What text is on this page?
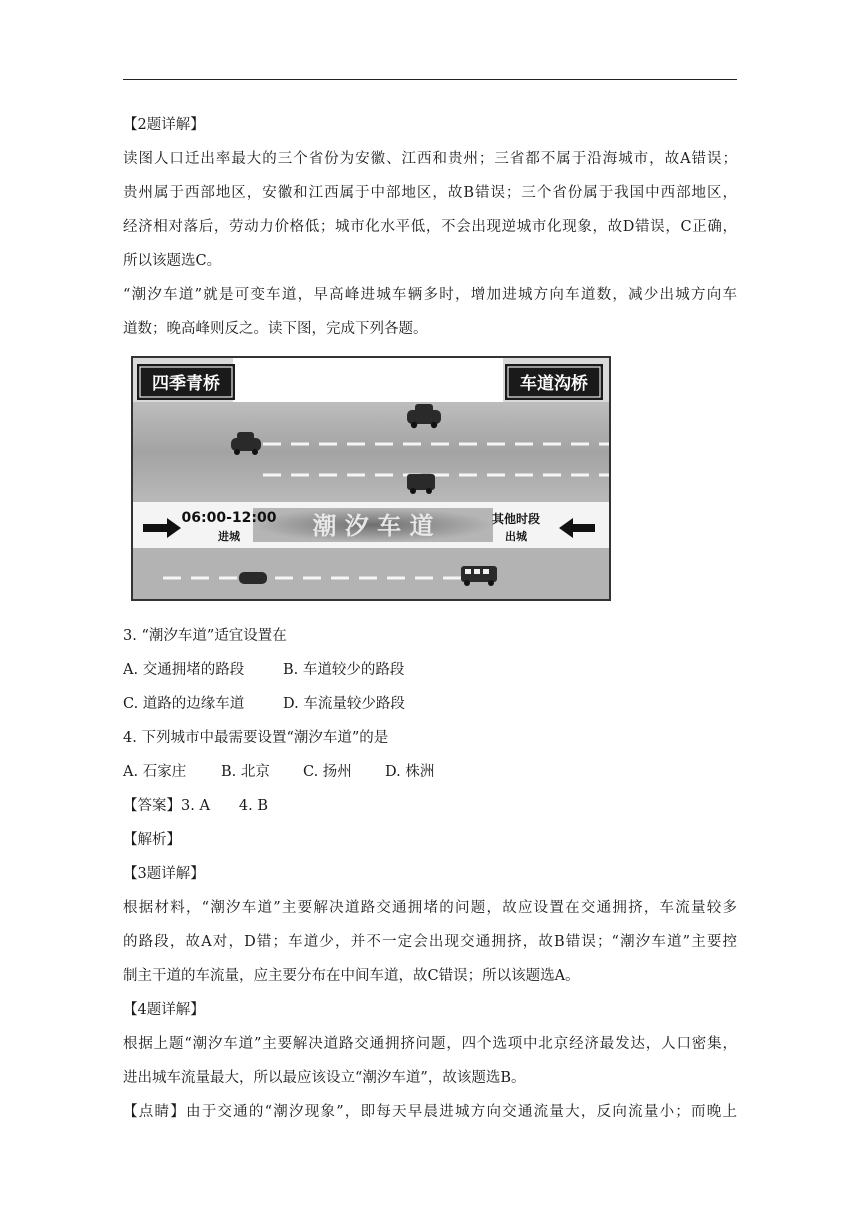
【2题详解】
读图人口迁出率最大的三个省份为安徽、江西和贵州；三省都不属于沿海城市，故A错误；
贵州属于西部地区，安徽和江西属于中部地区，故B错误；三个省份属于我国中西部地区，
经济相对落后，劳动力价格低；城市化水平低，不会出现逆城市化现象，故D错误，C正确，
所以该题选C。
“潮汐车道”就是可变车道，早高峰进城车辆多时，增加进城方向车道数，减少出城方向车
道数；晚高峰则反之。读下图，完成下列各题。
四季青桥	车道沟桥
06:00-12:00
进城	潮 汐 车 道	其他时段
出城
3. “潮汐车道”适宜设置在
A. 交通拥堵的路段	B. 车道较少的路段
C. 道路的边缘车道	D. 车流量较少路段
4. 下列城市中最需要设置“潮汐车道”的是
A. 石家庄	B. 北京	C. 扬州	D. 株洲
【答案】3. A　　4. B
【解析】
【3题详解】
根据材料，“潮汐车道”主要解决道路交通拥堵的问题，故应设置在交通拥挤，车流量较多
的路段，故A对，D错；车道少，并不一定会出现交通拥挤，故B错误；“潮汐车道”主要控
制主干道的车流量，应主要分布在中间车道，故C错误；所以该题选A。
【4题详解】
根据上题“潮汐车道”主要解决道路交通拥挤问题，四个选项中北京经济最发达，人口密集，
进出城车流量最大，所以最应该设立“潮汐车道”，故该题选B。
【点睛】由于交通的“潮汐现象”，即每天早晨进城方向交通流量大，反向流量小；而晚上
